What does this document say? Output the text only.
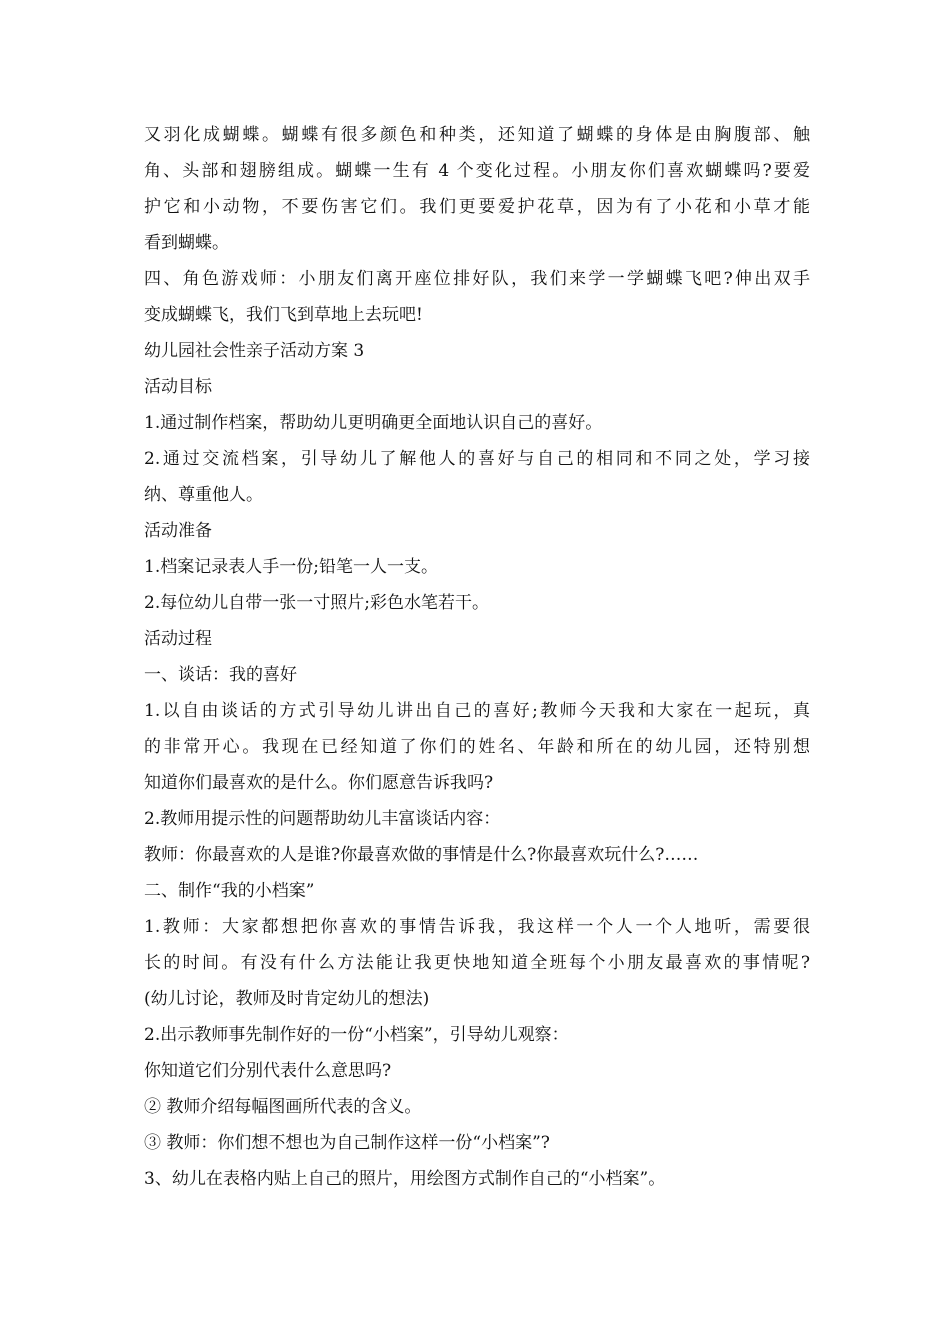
又羽化成蝴蝶。蝴蝶有很多颜色和种类，还知道了蝴蝶的身体是由胸腹部、触
角、头部和翅膀组成。蝴蝶一生有 4 个变化过程。小朋友你们喜欢蝴蝶吗?要爱
护它和小动物，不要伤害它们。我们更要爱护花草，因为有了小花和小草才能
看到蝴蝶。
四、角色游戏师：小朋友们离开座位排好队，我们来学一学蝴蝶飞吧?伸出双手
变成蝴蝶飞，我们飞到草地上去玩吧!
幼儿园社会性亲子活动方案 3
活动目标
1.通过制作档案，帮助幼儿更明确更全面地认识自己的喜好。
2.通过交流档案，引导幼儿了解他人的喜好与自己的相同和不同之处，学习接
纳、尊重他人。
活动准备
1.档案记录表人手一份;铅笔一人一支。
2.每位幼儿自带一张一寸照片;彩色水笔若干。
活动过程
一、谈话：我的喜好
1.以自由谈话的方式引导幼儿讲出自己的喜好;教师今天我和大家在一起玩，真
的非常开心。我现在已经知道了你们的姓名、年龄和所在的幼儿园，还特别想
知道你们最喜欢的是什么。你们愿意告诉我吗?
2.教师用提示性的问题帮助幼儿丰富谈话内容：
教师：你最喜欢的人是谁?你最喜欢做的事情是什么?你最喜欢玩什么?……
二、制作“我的小档案”
1.教师：大家都想把你喜欢的事情告诉我，我这样一个人一个人地听，需要很
长的时间。有没有什么方法能让我更快地知道全班每个小朋友最喜欢的事情呢?
(幼儿讨论，教师及时肯定幼儿的想法)
2.出示教师事先制作好的一份“小档案”，引导幼儿观察：
你知道它们分别代表什么意思吗?
② 教师介绍每幅图画所代表的含义。
③ 教师：你们想不想也为自己制作这样一份“小档案”?
3、幼儿在表格内贴上自己的照片，用绘图方式制作自己的“小档案”。
